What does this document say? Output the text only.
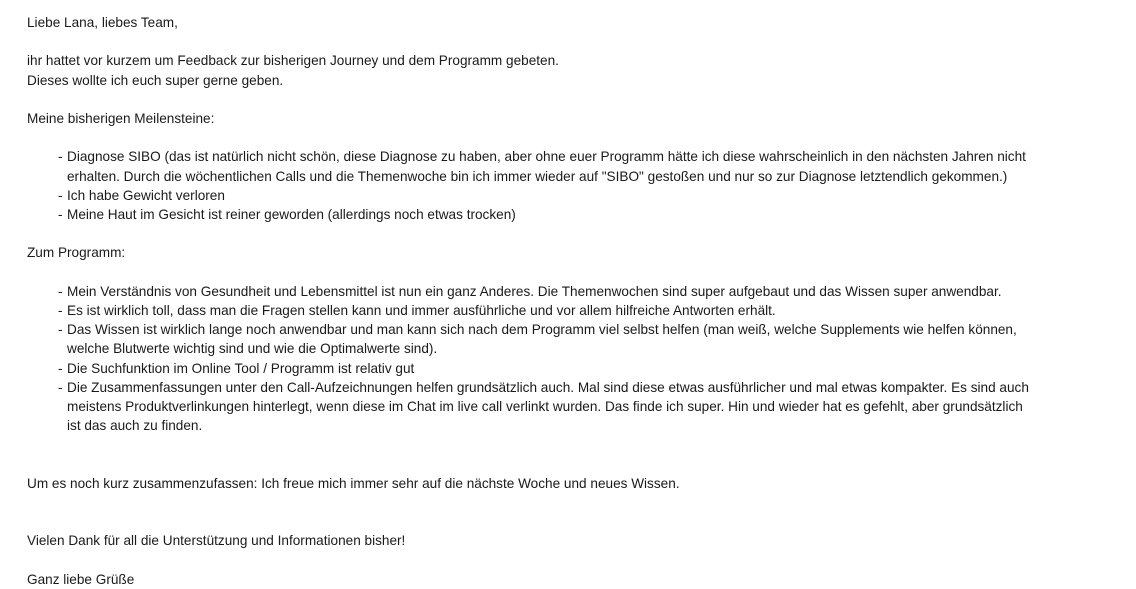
Liebe Lana, liebes Team,
ihr hattet vor kurzem um Feedback zur bisherigen Journey und dem Programm gebeten.
Dieses wollte ich euch super gerne geben.
Meine bisherigen Meilensteine:
- Diagnose SIBO (das ist natürlich nicht schön, diese Diagnose zu haben, aber ohne euer Programm hätte ich diese wahrscheinlich in den nächsten Jahren nicht
erhalten. Durch die wöchentlichen Calls und die Themenwoche bin ich immer wieder auf "SIBO" gestoßen und nur so zur Diagnose letztendlich gekommen.)
- Ich habe Gewicht verloren
- Meine Haut im Gesicht ist reiner geworden (allerdings noch etwas trocken)
Zum Programm:
- Mein Verständnis von Gesundheit und Lebensmittel ist nun ein ganz Anderes. Die Themenwochen sind super aufgebaut und das Wissen super anwendbar.
- Es ist wirklich toll, dass man die Fragen stellen kann und immer ausführliche und vor allem hilfreiche Antworten erhält.
- Das Wissen ist wirklich lange noch anwendbar und man kann sich nach dem Programm viel selbst helfen (man weiß, welche Supplements wie helfen können,
welche Blutwerte wichtig sind und wie die Optimalwerte sind).
- Die Suchfunktion im Online Tool / Programm ist relativ gut
- Die Zusammenfassungen unter den Call-Aufzeichnungen helfen grundsätzlich auch. Mal sind diese etwas ausführlicher und mal etwas kompakter. Es sind auch
meistens Produktverlinkungen hinterlegt, wenn diese im Chat im live call verlinkt wurden. Das finde ich super. Hin und wieder hat es gefehlt, aber grundsätzlich
ist das auch zu finden.
Um es noch kurz zusammenzufassen: Ich freue mich immer sehr auf die nächste Woche und neues Wissen.
Vielen Dank für all die Unterstützung und Informationen bisher!
Ganz liebe Grüße
